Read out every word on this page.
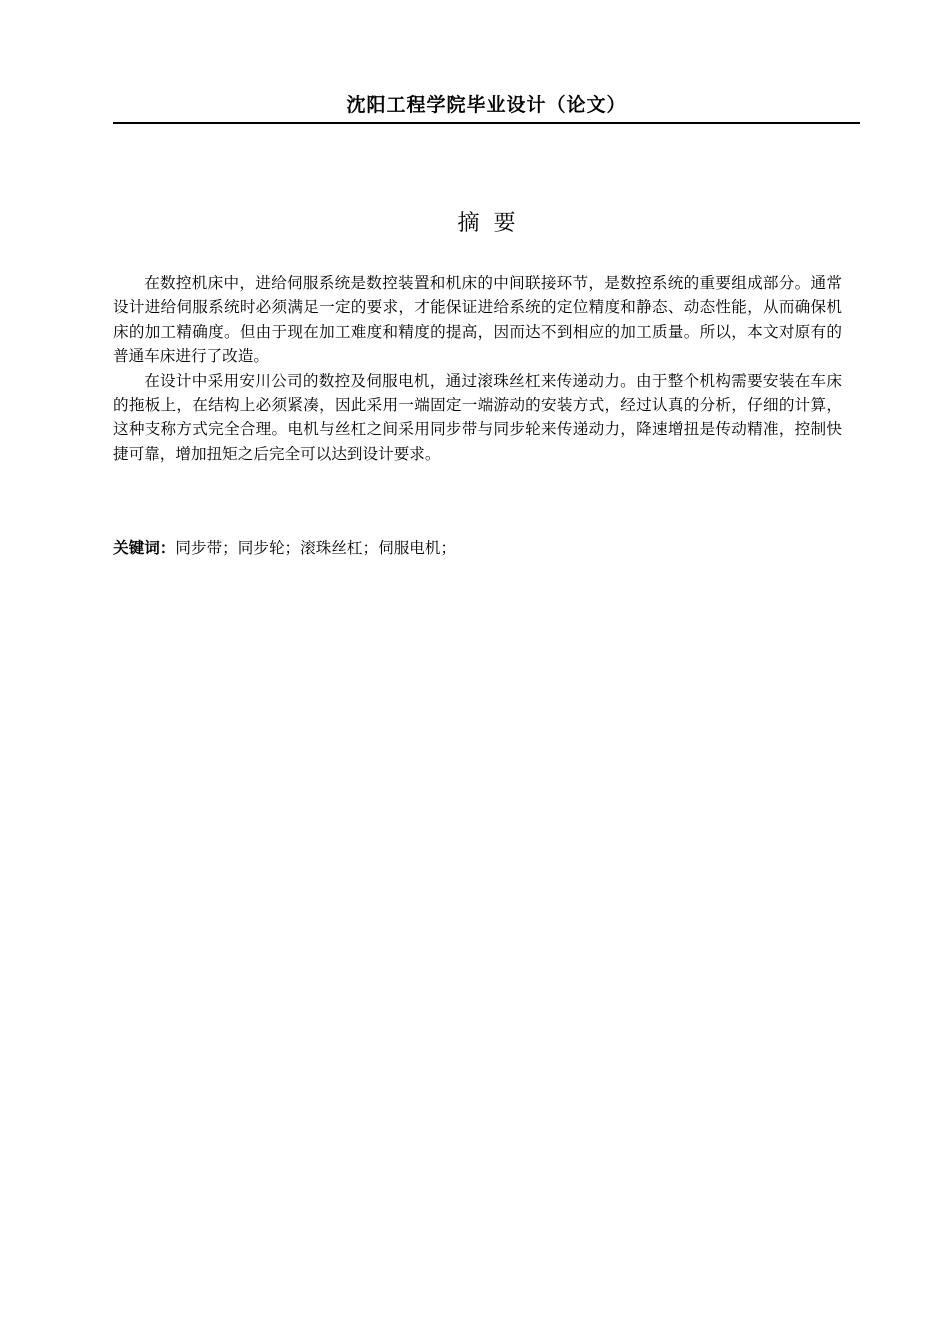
沈阳工程学院毕业设计（论文）
摘要

在数控机床中，进给伺服系统是数控装置和机床的中间联接环节，是数控系统的重要组成部分。通常设计进给伺服系统时必须满足一定的要求，才能保证进给系统的定位精度和静态、动态性能，从而确保机床的加工精确度。但由于现在加工难度和精度的提高，因而达不到相应的加工质量。所以，本文对原有的普通车床进行了改造。

在设计中采用安川公司的数控及伺服电机，通过滚珠丝杠来传递动力。由于整个机构需要安装在车床的拖板上，在结构上必须紧凑，因此采用一端固定一端游动的安装方式，经过认真的分析，仔细的计算，这种支称方式完全合理。电机与丝杠之间采用同步带与同步轮来传递动力，降速增扭是传动精准，控制快捷可靠，增加扭矩之后完全可以达到设计要求。

关键词：同步带；同步轮；滚珠丝杠；伺服电机；
